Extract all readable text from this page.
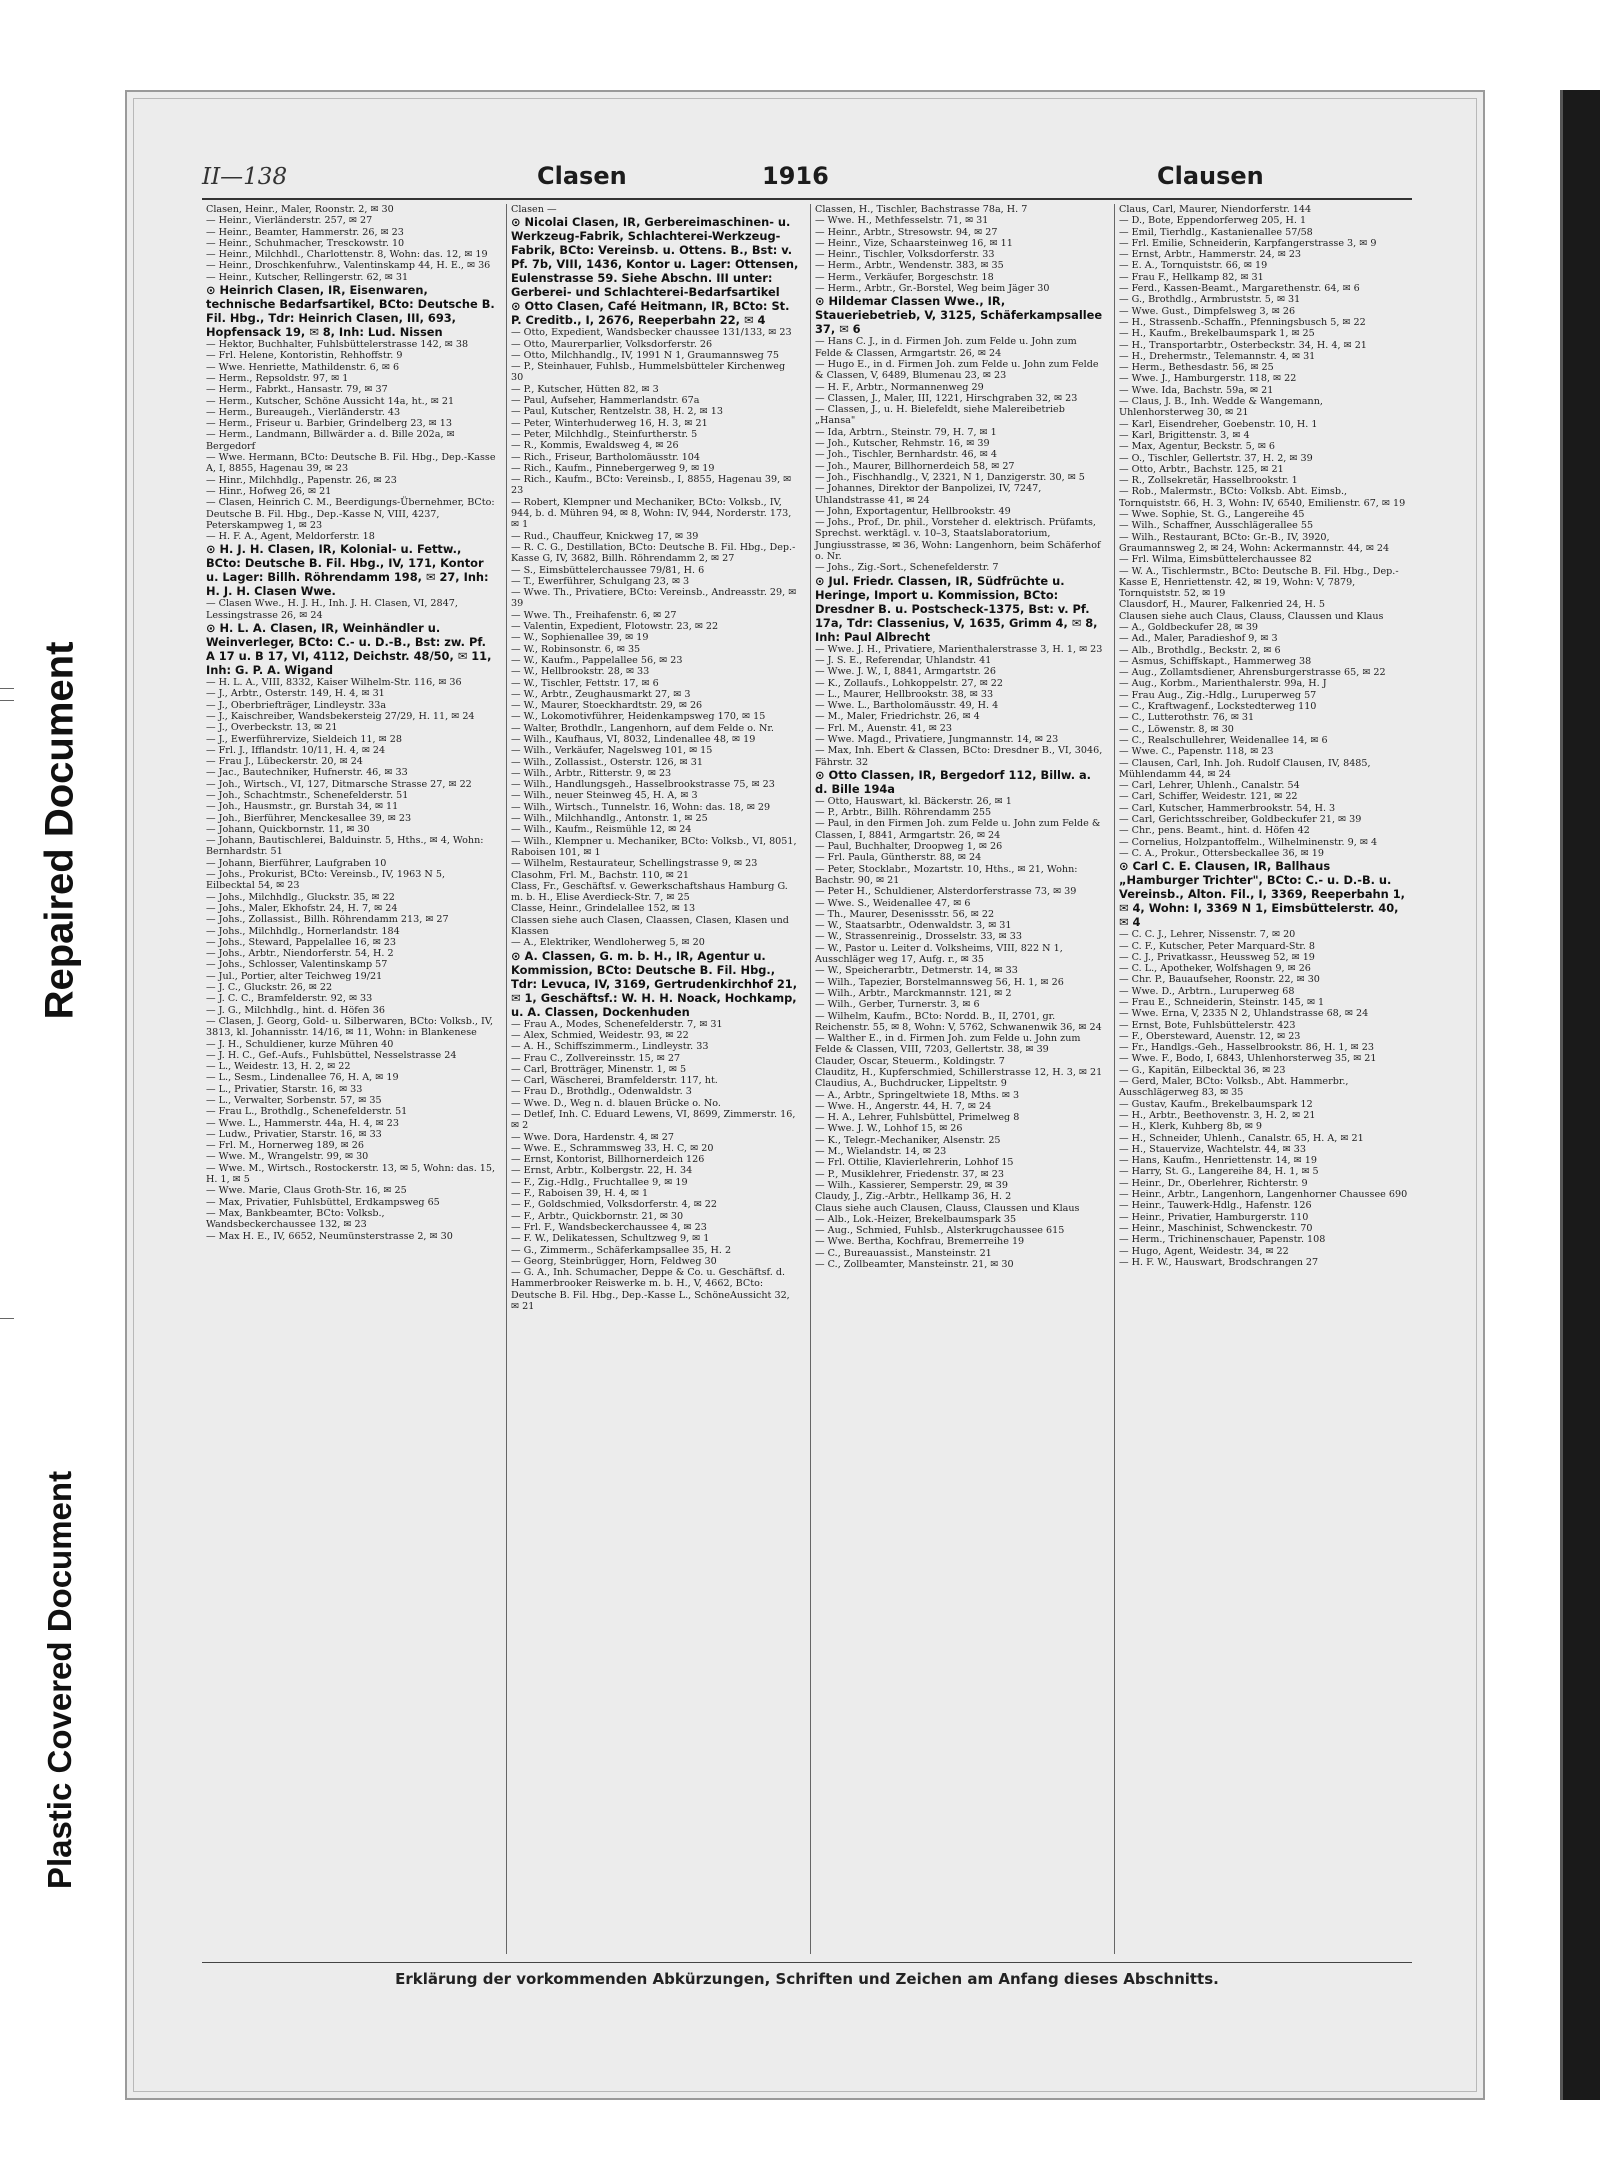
Repaired Document
Plastic Covered Document
II—138	Clasen	1916	Clausen
Clasen, Heinr., Maler, Roonstr. 2, ✉ 30
— Heinr., Vierländerstr. 257, ✉ 27
— Heinr., Beamter, Hammerstr. 26, ✉ 23
— Heinr., Schuhmacher, Tresckowstr. 10
— Heinr., Milchhdl., Charlottenstr. 8, Wohn: das. 12, ✉ 19
— Heinr., Droschkenfuhrw., Valentinskamp 44, H. E., ✉ 36
— Heinr., Kutscher, Rellingerstr. 62, ✉ 31
⊙ Heinrich Clasen, IR, Eisenwaren, technische Bedarfsartikel, BCto: Deutsche B. Fil. Hbg., Tdr: Heinrich Clasen, III, 693, Hopfensack 19, ✉ 8, Inh: Lud. Nissen
— Hektor, Buchhalter, Fuhlsbüttelerstrasse 142, ✉ 38
— Frl. Helene, Kontoristin, Rehhoffstr. 9
— Wwe. Henriette, Mathildenstr. 6, ✉ 6
— Herm., Repsoldstr. 97, ✉ 1
— Herm., Fabrkt., Hansastr. 79, ✉ 37
— Herm., Kutscher, Schöne Aussicht 14a, ht., ✉ 21
— Herm., Bureaugeh., Vierländerstr. 43
— Herm., Friseur u. Barbier, Grindelberg 23, ✉ 13
— Herm., Landmann, Billwärder a. d. Bille 202a, ✉ Bergedorf
— Wwe. Hermann, BCto: Deutsche B. Fil. Hbg., Dep.-Kasse A, I, 8855, Hagenau 39, ✉ 23
— Hinr., Milchhdlg., Papenstr. 26, ✉ 23
— Hinr., Hofweg 26, ✉ 21
— Clasen, Heinrich C. M., Beerdigungs-Übernehmer, BCto: Deutsche B. Fil. Hbg., Dep.-Kasse N, VIII, 4237, Peterskampweg 1, ✉ 23
— H. F. A., Agent, Meldorferstr. 18
⊙ H. J. H. Clasen, IR, Kolonial- u. Fettw., BCto: Deutsche B. Fil. Hbg., IV, 171, Kontor u. Lager: Billh. Röhrendamm 198, ✉ 27, Inh: H. J. H. Clasen Wwe.
— Clasen Wwe., H. J. H., Inh. J. H. Clasen, VI, 2847, Lessingstrasse 26, ✉ 24
⊙ H. L. A. Clasen, IR, Weinhändler u. Weinverleger, BCto: C.- u. D.-B., Bst: zw. Pf. A 17 u. B 17, VI, 4112, Deichstr. 48/50, ✉ 11, Inh: G. P. A. Wigand
— H. L. A., VIII, 8332, Kaiser Wilhelm-Str. 116, ✉ 36
— J., Arbtr., Osterstr. 149, H. 4, ✉ 31
— J., Oberbriefträger, Lindleystr. 33a
— J., Kaischreiber, Wandsbekersteig 27/29, H. 11, ✉ 24
— J., Overbeckstr. 13, ✉ 21
— J., Ewerführervize, Sieldeich 11, ✉ 28
— Frl. J., Ifflandstr. 10/11, H. 4, ✉ 24
— Frau J., Lübeckerstr. 20, ✉ 24
— Jac., Bautechniker, Hufnerstr. 46, ✉ 33
— Joh., Wirtsch., VI, 127, Ditmarsche Strasse 27, ✉ 22
— Joh., Schachtmstr., Schenefelderstr. 51
— Joh., Hausmstr., gr. Burstah 34, ✉ 11
— Joh., Bierführer, Menckesallee 39, ✉ 23
— Johann, Quickbornstr. 11, ✉ 30
— Johann, Bautischlerei, Balduinstr. 5, Hths., ✉ 4, Wohn: Bernhardstr. 51
— Johann, Bierführer, Laufgraben 10
— Johs., Prokurist, BCto: Vereinsb., IV, 1963 N 5, Eilbecktal 54, ✉ 23
— Johs., Milchhdlg., Gluckstr. 35, ✉ 22
— Johs., Maler, Ekhofstr. 24, H. 7, ✉ 24
— Johs., Zollassist., Billh. Röhrendamm 213, ✉ 27
— Johs., Milchhdlg., Hornerlandstr. 184
— Johs., Steward, Pappelallee 16, ✉ 23
— Johs., Arbtr., Niendorferstr. 54, H. 2
— Johs., Schlosser, Valentinskamp 57
— Jul., Portier, alter Teichweg 19/21
— J. C., Gluckstr. 26, ✉ 22
— J. C. C., Bramfelderstr. 92, ✉ 33
— J. G., Milchhdlg., hint. d. Höfen 36
— Clasen, J. Georg, Gold- u. Silberwaren, BCto: Volksb., IV, 3813, kl. Johannisstr. 14/16, ✉ 11, Wohn: in Blankenese
— J. H., Schuldiener, kurze Mühren 40
— J. H. C., Gef.-Aufs., Fuhlsbüttel, Nesselstrasse 24
— L., Weidestr. 13, H. 2, ✉ 22
— L., Sesm., Lindenallee 76, H. A, ✉ 19
— L., Privatier, Starstr. 16, ✉ 33
— L., Verwalter, Sorbenstr. 57, ✉ 35
— Frau L., Brothdlg., Schenefelderstr. 51
— Wwe. L., Hammerstr. 44a, H. 4, ✉ 23
— Ludw., Privatier, Starstr. 16, ✉ 33
— Frl. M., Hornerweg 189, ✉ 26
— Wwe. M., Wrangelstr. 99, ✉ 30
— Wwe. M., Wirtsch., Rostockerstr. 13, ✉ 5, Wohn: das. 15, H. 1, ✉ 5
— Wwe. Marie, Claus Groth-Str. 16, ✉ 25
— Max, Privatier, Fuhlsbüttel, Erdkampsweg 65
— Max, Bankbeamter, BCto: Volksb., Wandsbeckerchaussee 132, ✉ 23
— Max H. E., IV, 6652, Neumünsterstrasse 2, ✉ 30
Clasen —
⊙ Nicolai Clasen, IR, Gerbereimaschinen- u. Werkzeug-Fabrik, Schlachterei-Werkzeug-Fabrik, BCto: Vereinsb. u. Ottens. B., Bst: v. Pf. 7b, VIII, 1436, Kontor u. Lager: Ottensen, Eulenstrasse 59. Siehe Abschn. III unter: Gerberei- und Schlachterei-Bedarfsartikel
⊙ Otto Clasen, Café Heitmann, IR, BCto: St. P. Creditb., I, 2676, Reeperbahn 22, ✉ 4
— Otto, Expedient, Wandsbecker chaussee 131/133, ✉ 23
— Otto, Maurerparlier, Volksdorferstr. 26
— Otto, Milchhandlg., IV, 1991 N 1, Graumannsweg 75
— P., Steinhauer, Fuhlsb., Hummelsbütteler Kirchenweg 30
— P., Kutscher, Hütten 82, ✉ 3
— Paul, Aufseher, Hammerlandstr. 67a
— Paul, Kutscher, Rentzelstr. 38, H. 2, ✉ 13
— Peter, Winterhuderweg 16, H. 3, ✉ 21
— Peter, Milchhdlg., Steinfurtherstr. 5
— R., Kommis, Ewaldsweg 4, ✉ 26
— Rich., Friseur, Bartholomäusstr. 104
— Rich., Kaufm., Pinnebergerweg 9, ✉ 19
— Rich., Kaufm., BCto: Vereinsb., I, 8855, Hagenau 39, ✉ 23
— Robert, Klempner und Mechaniker, BCto: Volksb., IV, 944, b. d. Mühren 94, ✉ 8, Wohn: IV, 944, Norderstr. 173, ✉ 1
— Rud., Chauffeur, Knickweg 17, ✉ 39
— R. C. G., Destillation, BCto: Deutsche B. Fil. Hbg., Dep.-Kasse G, IV, 3682, Billh. Röhrendamm 2, ✉ 27
— S., Eimsbüttelerchaussee 79/81, H. 6
— T., Ewerführer, Schulgang 23, ✉ 3
— Wwe. Th., Privatiere, BCto: Vereinsb., Andreasstr. 29, ✉ 39
— Wwe. Th., Freihafenstr. 6, ✉ 27
— Valentin, Expedient, Flotowstr. 23, ✉ 22
— W., Sophienallee 39, ✉ 19
— W., Robinsonstr. 6, ✉ 35
— W., Kaufm., Pappelallee 56, ✉ 23
— W., Hellbrookstr. 28, ✉ 33
— W., Tischler, Fettstr. 17, ✉ 6
— W., Arbtr., Zeughausmarkt 27, ✉ 3
— W., Maurer, Stoeckhardtstr. 29, ✉ 26
— W., Lokomotivführer, Heidenkampsweg 170, ✉ 15
— Walter, Brothdlr., Langenhorn, auf dem Felde o. Nr.
— Wilh., Kaufhaus, VI, 8032, Lindenallee 48, ✉ 19
— Wilh., Verkäufer, Nagelsweg 101, ✉ 15
— Wilh., Zollassist., Osterstr. 126, ✉ 31
— Wilh., Arbtr., Ritterstr. 9, ✉ 23
— Wilh., Handlungsgeh., Hasselbrookstrasse 75, ✉ 23
— Wilh., neuer Steinweg 45, H. A, ✉ 3
— Wilh., Wirtsch., Tunnelstr. 16, Wohn: das. 18, ✉ 29
— Wilh., Milchhandlg., Antonstr. 1, ✉ 25
— Wilh., Kaufm., Reismühle 12, ✉ 24
— Wilh., Klempner u. Mechaniker, BCto: Volksb., VI, 8051, Raboisen 101, ✉ 1
— Wilhelm, Restaurateur, Schellingstrasse 9, ✉ 23
Clasohm, Frl. M., Bachstr. 110, ✉ 21
Class, Fr., Geschäftsf. v. Gewerkschaftshaus Hamburg G. m. b. H., Elise Averdieck-Str. 7, ✉ 25
Classe, Heinr., Grindelallee 152, ✉ 13
Classen siehe auch Clasen, Claassen, Clasen, Klasen und Klassen
— A., Elektriker, Wendloherweg 5, ✉ 20
⊙ A. Classen, G. m. b. H., IR, Agentur u. Kommission, BCto: Deutsche B. Fil. Hbg., Tdr: Levuca, IV, 3169, Gertrudenkirchhof 21, ✉ 1, Geschäftsf.: W. H. H. Noack, Hochkamp, u. A. Classen, Dockenhuden
— Frau A., Modes, Schenefelderstr. 7, ✉ 31
— Alex, Schmied, Weidestr. 93, ✉ 22
— A. H., Schiffszimmerm., Lindleystr. 33
— Frau C., Zollvereinsstr. 15, ✉ 27
— Carl, Brotträger, Minenstr. 1, ✉ 5
— Carl, Wäscherei, Bramfelderstr. 117, ht.
— Frau D., Brothdlg., Odenwaldstr. 3
— Wwe. D., Weg n. d. blauen Brücke o. No.
— Detlef, Inh. C. Eduard Lewens, VI, 8699, Zimmerstr. 16, ✉ 2
— Wwe. Dora, Hardenstr. 4, ✉ 27
— Wwe. E., Schrammsweg 33, H. C, ✉ 20
— Ernst, Kontorist, Billhornerdeich 126
— Ernst, Arbtr., Kolbergstr. 22, H. 34
— F., Zig.-Hdlg., Fruchtallee 9, ✉ 19
— F., Raboisen 39, H. 4, ✉ 1
— F., Goldschmied, Volksdorferstr. 4, ✉ 22
— F., Arbtr., Quickbornstr. 21, ✉ 30
— Frl. F., Wandsbeckerchaussee 4, ✉ 23
— F. W., Delikatessen, Schultzweg 9, ✉ 1
— G., Zimmerm., Schäferkampsallee 35, H. 2
— Georg, Steinbrügger, Horn, Feldweg 30
— G. A., Inh. Schumacher, Deppe & Co. u. Geschäftsf. d. Hammerbrooker Reiswerke m. b. H., V, 4662, BCto: Deutsche B. Fil. Hbg., Dep.-Kasse L., SchöneAussicht 32, ✉ 21
Classen, H., Tischler, Bachstrasse 78a, H. 7
— Wwe. H., Methfesselstr. 71, ✉ 31
— Heinr., Arbtr., Stresowstr. 94, ✉ 27
— Heinr., Vize, Schaarsteinweg 16, ✉ 11
— Heinr., Tischler, Volksdorferstr. 33
— Herm., Arbtr., Wendenstr. 383, ✉ 35
— Herm., Verkäufer, Borgeschstr. 18
— Herm., Arbtr., Gr.-Borstel, Weg beim Jäger 30
⊙ Hildemar Classen Wwe., IR, Staueriebetrieb, V, 3125, Schäferkampsallee 37, ✉ 6
— Hans C. J., in d. Firmen Joh. zum Felde u. John zum Felde & Classen, Armgartstr. 26, ✉ 24
— Hugo E., in d. Firmen Joh. zum Felde u. John zum Felde & Classen, V, 6489, Blumenau 23, ✉ 23
— H. F., Arbtr., Normannenweg 29
— Classen, J., Maler, III, 1221, Hirschgraben 32, ✉ 23
— Classen, J., u. H. Bielefeldt, siehe Malereibetrieb „Hansa"
— Ida, Arbtrn., Steinstr. 79, H. 7, ✉ 1
— Joh., Kutscher, Rehmstr. 16, ✉ 39
— Joh., Tischler, Bernhardstr. 46, ✉ 4
— Joh., Maurer, Billhornerdeich 58, ✉ 27
— Joh., Fischhandlg., V, 2321, N 1, Danzigerstr. 30, ✉ 5
— Johannes, Direktor der Banpolizei, IV, 7247, Uhlandstrasse 41, ✉ 24
— John, Exportagentur, Hellbrookstr. 49
— Johs., Prof., Dr. phil., Vorsteher d. elektrisch. Prüfamts, Sprechst. werktägl. v. 10–3, Staatslaboratorium, Jungiusstrasse, ✉ 36, Wohn: Langenhorn, beim Schäferhof o. Nr.
— Johs., Zig.-Sort., Schenefelderstr. 7
⊙ Jul. Friedr. Classen, IR, Südfrüchte u. Heringe, Import u. Kommission, BCto: Dresdner B. u. Postscheck-1375, Bst: v. Pf. 17a, Tdr: Classenius, V, 1635, Grimm 4, ✉ 8, Inh: Paul Albrecht
— Wwe. J. H., Privatiere, Marienthalerstrasse 3, H. 1, ✉ 23
— J. S. E., Referendar, Uhlandstr. 41
— Wwe. J. W., I, 8841, Armgartstr. 26
— K., Zollaufs., Lohkoppelstr. 27, ✉ 22
— L., Maurer, Hellbrookstr. 38, ✉ 33
— Wwe. L., Bartholomäusstr. 49, H. 4
— M., Maler, Friedrichstr. 26, ✉ 4
— Frl. M., Auenstr. 41, ✉ 23
— Wwe. Magd., Privatiere, Jungmannstr. 14, ✉ 23
— Max, Inh. Ebert & Classen, BCto: Dresdner B., VI, 3046, Fährstr. 32
⊙ Otto Classen, IR, Bergedorf 112, Billw. a. d. Bille 194a
— Otto, Hauswart, kl. Bäckerstr. 26, ✉ 1
— P., Arbtr., Billh. Röhrendamm 255
— Paul, in den Firmen Joh. zum Felde u. John zum Felde & Classen, I, 8841, Armgartstr. 26, ✉ 24
— Paul, Buchhalter, Droopweg 1, ✉ 26
— Frl. Paula, Güntherstr. 88, ✉ 24
— Peter, Stocklabr., Mozartstr. 10, Hths., ✉ 21, Wohn: Bachstr. 90, ✉ 21
— Peter H., Schuldiener, Alsterdorferstrasse 73, ✉ 39
— Wwe. S., Weidenallee 47, ✉ 6
— Th., Maurer, Desenissstr. 56, ✉ 22
— W., Staatsarbtr., Odenwaldstr. 3, ✉ 31
— W., Strassenreinig., Drosselstr. 33, ✉ 33
— W., Pastor u. Leiter d. Volksheims, VIII, 822 N 1, Ausschläger weg 17, Aufg. r., ✉ 35
— W., Speicherarbtr., Detmerstr. 14, ✉ 33
— Wilh., Tapezier, Borstelmannsweg 56, H. 1, ✉ 26
— Wilh., Arbtr., Marckmannstr. 121, ✉ 2
— Wilh., Gerber, Turnerstr. 3, ✉ 6
— Wilhelm, Kaufm., BCto: Nordd. B., II, 2701, gr. Reichenstr. 55, ✉ 8, Wohn: V, 5762, Schwanenwik 36, ✉ 24
— Walther E., in d. Firmen Joh. zum Felde u. John zum Felde & Classen, VIII, 7203, Gellertstr. 38, ✉ 39
Clauder, Oscar, Steuerm., Koldingstr. 7
Clauditz, H., Kupferschmied, Schillerstrasse 12, H. 3, ✉ 21
Claudius, A., Buchdrucker, Lippeltstr. 9
— A., Arbtr., Springeltwiete 18, Mths. ✉ 3
— Wwe. H., Angerstr. 44, H. 7, ✉ 24
— H. A., Lehrer, Fuhlsbüttel, Primelweg 8
— Wwe. J. W., Lohhof 15, ✉ 26
— K., Telegr.-Mechaniker, Alsenstr. 25
— M., Wielandstr. 14, ✉ 23
— Frl. Ottilie, Klavierlehrerin, Lohhof 15
— P., Musiklehrer, Friedenstr. 37, ✉ 23
— Wilh., Kassierer, Semperstr. 29, ✉ 39
Claudy, J., Zig.-Arbtr., Hellkamp 36, H. 2
Claus siehe auch Clausen, Clauss, Claussen und Klaus
— Alb., Lok.-Heizer, Brekelbaumspark 35
— Aug., Schmied, Fuhlsb., Alsterkrugchaussee 615
— Wwe. Bertha, Kochfrau, Bremerreihe 19
— C., Bureauassist., Mansteinstr. 21
— C., Zollbeamter, Mansteinstr. 21, ✉ 30
Claus, Carl, Maurer, Niendorferstr. 144
— D., Bote, Eppendorferweg 205, H. 1
— Emil, Tierhdlg., Kastanienallee 57/58
— Frl. Emilie, Schneiderin, Karpfangerstrasse 3, ✉ 9
— Ernst, Arbtr., Hammerstr. 24, ✉ 23
— E. A., Tornquiststr. 66, ✉ 19
— Frau F., Hellkamp 82, ✉ 31
— Ferd., Kassen-Beamt., Margarethenstr. 64, ✉ 6
— G., Brothdlg., Armbruststr. 5, ✉ 31
— Wwe. Gust., Dimpfelsweg 3, ✉ 26
— H., Strassenb.-Schaffn., Pfenningsbusch 5, ✉ 22
— H., Kaufm., Brekelbaumspark 1, ✉ 25
— H., Transportarbtr., Osterbeckstr. 34, H. 4, ✉ 21
— H., Drehermstr., Telemannstr. 4, ✉ 31
— Herm., Bethesdastr. 56, ✉ 25
— Wwe. J., Hamburgerstr. 118, ✉ 22
— Wwe. Ida, Bachstr. 59a, ✉ 21
— Claus, J. B., Inh. Wedde & Wangemann, Uhlenhorsterweg 30, ✉ 21
— Karl, Eisendreher, Goebenstr. 10, H. 1
— Karl, Brigittenstr. 3, ✉ 4
— Max, Agentur, Beckstr. 5, ✉ 6
— O., Tischler, Gellertstr. 37, H. 2, ✉ 39
— Otto, Arbtr., Bachstr. 125, ✉ 21
— R., Zollsekretär, Hasselbrookstr. 1
— Rob., Malermstr., BCto: Volksb. Abt. Eimsb., Tornquiststr. 66, H. 3, Wohn: IV, 6540, Emilienstr. 67, ✉ 19
— Wwe. Sophie, St. G., Langereihe 45
— Wilh., Schaffner, Ausschlägerallee 55
— Wilh., Restaurant, BCto: Gr.-B., IV, 3920, Graumannsweg 2, ✉ 24, Wohn: Ackermannstr. 44, ✉ 24
— Frl. Wilma, Eimsbüttelerchaussee 82
— W. A., Tischlermstr., BCto: Deutsche B. Fil. Hbg., Dep.-Kasse E, Henriettenstr. 42, ✉ 19, Wohn: V, 7879, Tornquiststr. 52, ✉ 19
Clausdorf, H., Maurer, Falkenried 24, H. 5
Clausen siehe auch Claus, Clauss, Claussen und Klaus
— A., Goldbeckufer 28, ✉ 39
— Ad., Maler, Paradieshof 9, ✉ 3
— Alb., Brothdlg., Beckstr. 2, ✉ 6
— Asmus, Schiffskapt., Hammerweg 38
— Aug., Zollamtsdiener, Ahrensburgerstrasse 65, ✉ 22
— Aug., Korbm., Marienthalerstr. 99a, H. J
— Frau Aug., Zig.-Hdlg., Luruperweg 57
— C., Kraftwagenf., Lockstedterweg 110
— C., Lutterothstr. 76, ✉ 31
— C., Löwenstr. 8, ✉ 30
— C., Realschullehrer, Weidenallee 14, ✉ 6
— Wwe. C., Papenstr. 118, ✉ 23
— Clausen, Carl, Inh. Joh. Rudolf Clausen, IV, 8485, Mühlendamm 44, ✉ 24
— Carl, Lehrer, Uhlenh., Canalstr. 54
— Carl, Schiffer, Weidestr. 121, ✉ 22
— Carl, Kutscher, Hammerbrookstr. 54, H. 3
— Carl, Gerichtsschreiber, Goldbeckufer 21, ✉ 39
— Chr., pens. Beamt., hint. d. Höfen 42
— Cornelius, Holzpantoffelm., Wilhelminenstr. 9, ✉ 4
— C. A., Prokur., Ottersbeckallee 36, ✉ 19
⊙ Carl C. E. Clausen, IR, Ballhaus „Hamburger Trichter", BCto: C.- u. D.-B. u. Vereinsb., Alton. Fil., I, 3369, Reeperbahn 1, ✉ 4, Wohn: I, 3369 N 1, Eimsbüttelerstr. 40, ✉ 4
— C. C. J., Lehrer, Nissenstr. 7, ✉ 20
— C. F., Kutscher, Peter Marquard-Str. 8
— C. J., Privatkassr., Heussweg 52, ✉ 19
— C. L., Apotheker, Wolfshagen 9, ✉ 26
— Chr. P., Bauaufseher, Roonstr. 22, ✉ 30
— Wwe. D., Arbtrn., Luruperweg 68
— Frau E., Schneiderin, Steinstr. 145, ✉ 1
— Wwe. Erna, V, 2335 N 2, Uhlandstrasse 68, ✉ 24
— Ernst, Bote, Fuhlsbüttelerstr. 423
— F., Obersteward, Auenstr. 12, ✉ 23
— Fr., Handlgs.-Geh., Hasselbrookstr. 86, H. 1, ✉ 23
— Wwe. F., Bodo, I, 6843, Uhlenhorsterweg 35, ✉ 21
— G., Kapitän, Eilbecktal 36, ✉ 23
— Gerd, Maler, BCto: Volksb., Abt. Hammerbr., Ausschlägerweg 83, ✉ 35
— Gustav, Kaufm., Brekelbaumspark 12
— H., Arbtr., Beethovenstr. 3, H. 2, ✉ 21
— H., Klerk, Kuhberg 8b, ✉ 9
— H., Schneider, Uhlenh., Canalstr. 65, H. A, ✉ 21
— H., Stauervize, Wachtelstr. 44, ✉ 33
— Hans, Kaufm., Henriettenstr. 14, ✉ 19
— Harry, St. G., Langereihe 84, H. 1, ✉ 5
— Heinr., Dr., Oberlehrer, Richterstr. 9
— Heinr., Arbtr., Langenhorn, Langenhorner Chaussee 690
— Heinr., Tauwerk-Hdlg., Hafenstr. 126
— Heinr., Privatier, Hamburgerstr. 110
— Heinr., Maschinist, Schwenckestr. 70
— Herm., Trichinenschauer, Papenstr. 108
— Hugo, Agent, Weidestr. 34, ✉ 22
— H. F. W., Hauswart, Brodschrangen 27
Erklärung der vorkommenden Abkürzungen, Schriften und Zeichen am Anfang dieses Abschnitts.
